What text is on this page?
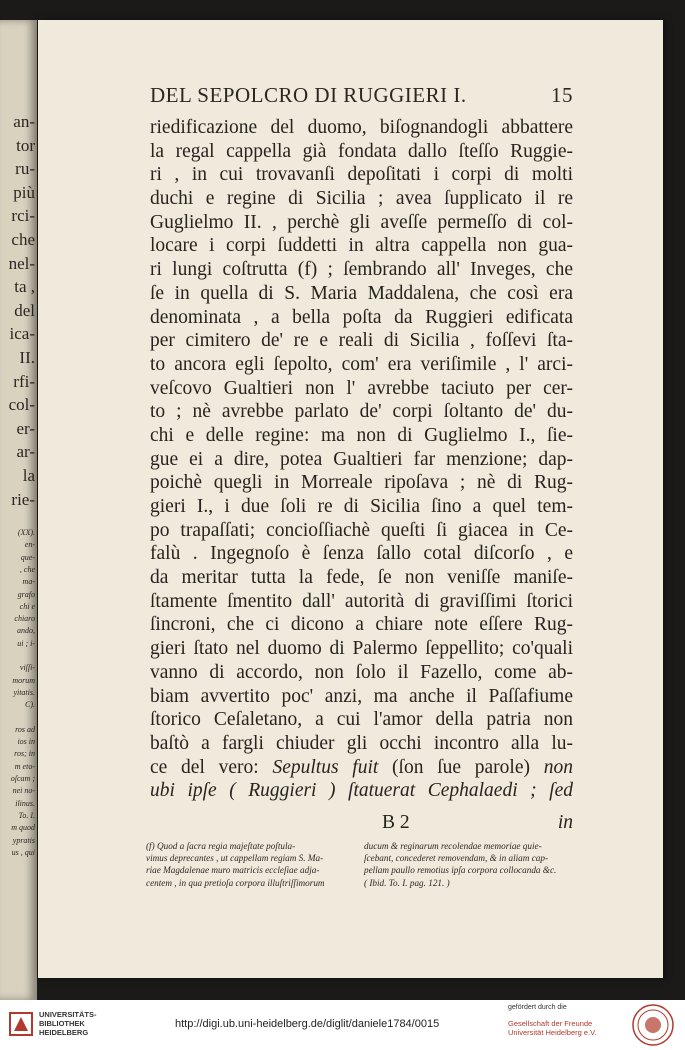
an-
tor
ru-
più
rci-
che
nel-
ta ,
del
ica-
II.
rfi-
col-
er-
ar-
la
rie-
(XX).
en-
que-
, che
ma-
grafo
chi e
chiaro
ando,
ui ; i-
viſſi-
morum
yitatis.
C).
ros ad
ios in
ros; in
m eto-
oſcam ;
nei no-
ilinus.
To. I.
m quod
ypratis
us , qui
DEL SEPOLCRO DI RUGGIERI I.	15
riedificazione del duomo, biſognandogli abbattere
la regal cappella già fondata dallo ſteſſo Ruggie-
ri , in cui trovavanſi depoſitati i corpi di molti
duchi e regine di Sicilia ; avea ſupplicato il re
Guglielmo II. , perchè gli aveſſe permeſſo di col-
locare i corpi ſuddetti in altra cappella non gua-
ri lungi coſtrutta (f) ; ſembrando all' Inveges, che
ſe in quella di S. Maria Maddalena, che così era
denominata , a bella poſta da Ruggieri edificata
per cimitero de' re e reali di Sicilia , foſſevi ſta-
to ancora egli ſepolto, com' era veriſimile , l' arci-
veſcovo Gualtieri non l' avrebbe taciuto per cer-
to ; nè avrebbe parlato de' corpi ſoltanto de' du-
chi e delle regine: ma non di Guglielmo I., ſie-
gue ei a dire, potea Gualtieri far menzione; dap-
poichè quegli in Morreale ripoſava ; nè di Rug-
gieri I., i due ſoli re di Sicilia ſino a quel tem-
po trapaſſati; concioſſiachè queſti ſi giacea in Ce-
falù . Ingegnoſo è ſenza ſallo cotal diſcorſo , e
da meritar tutta la fede, ſe non veniſſe maniſe-
ſtamente ſmentito dall' autorità di graviſſimi ſtorici
ſincroni, che ci dicono a chiare note eſſere Rug-
gieri ſtato nel duomo di Palermo ſeppellito; co'quali
vanno di accordo, non ſolo il Fazello, come ab-
biam avvertito poc' anzi, ma anche il Paſſafiume
ſtorico Ceſaletano, a cui l'amor della patria non
baſtò a fargli chiuder gli occhi incontro alla lu-
ce del vero: Sepultus fuit (ſon ſue parole) non
ubi ipſe ( Ruggieri ) ſtatuerat Cephalaedi ; ſed
B 2	in
(f) Quod a ſacra regia majeſtate poſtula-
vimus deprecantes , ut cappellam regiam S. Ma-
riae Magdalenae muro matricis eccleſiae adja-
centem , in qua pretioſa corpora illuſtriſſimorum
ducum & reginarum recolendae memoriae quie-
ſcebant, concederet removendam, & in aliam cap-
pellam paullo remotius ipſa corpora collocanda &c.
( Ibid. To. I. pag. 121. )
UNIVERSITÄTS-
BIBLIOTHEK
HEIDELBERG
http://digi.ub.uni-heidelberg.de/diglit/daniele1784/0015
gefördert durch die
Gesellschaft der Freunde
Universität Heidelberg e.V.
